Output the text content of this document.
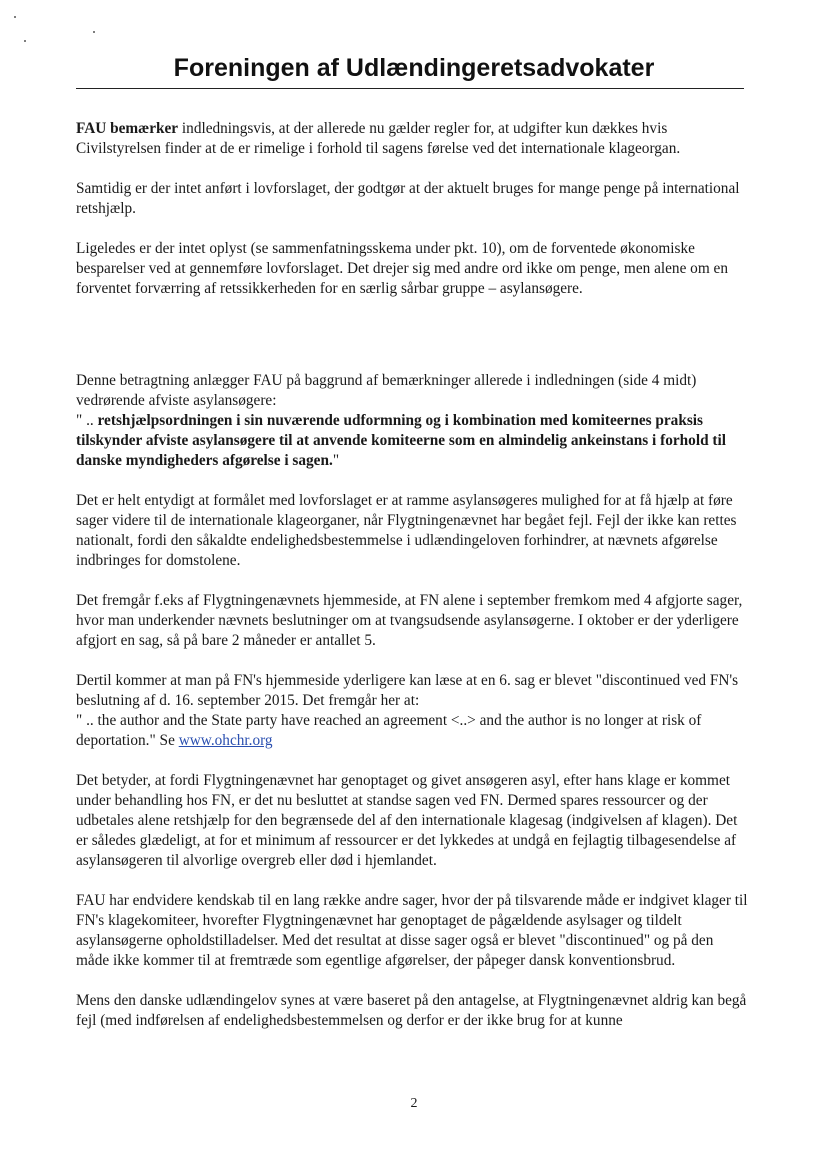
Foreningen af Udlændingeretsadvokater

FAU bemærker indledningsvis, at der allerede nu gælder regler for, at udgifter kun dækkes hvis Civilstyrelsen finder at de er rimelige i forhold til sagens førelse ved det internationale klageorgan.

Samtidig er der intet anført i lovforslaget, der godtgør at der aktuelt bruges for mange penge på international retshjælp.

Ligeledes er der intet oplyst (se sammenfatningsskema under pkt. 10), om de forventede økonomiske besparelser ved at gennemføre lovforslaget. Det drejer sig med andre ord ikke om penge, men alene om en forventet forværring af retssikkerheden for en særlig sårbar gruppe – asylansøgere.

Denne betragtning anlægger FAU på baggrund af bemærkninger allerede i indledningen (side 4 midt) vedrørende afviste asylansøgere:
" .. retshjælpsordningen i sin nuværende udformning og i kombination med komiteernes praksis tilskynder afviste asylansøgere til at anvende komiteerne som en almindelig ankeinstans i forhold til danske myndigheders afgørelse i sagen."

Det er helt entydigt at formålet med lovforslaget er at ramme asylansøgeres mulighed for at få hjælp at føre sager videre til de internationale klageorganer, når Flygtningenævnet har begået fejl. Fejl der ikke kan rettes nationalt, fordi den såkaldte endelighedsbestemmelse i udlændingeloven forhindrer, at nævnets afgørelse indbringes for domstolene.

Det fremgår f.eks af Flygtningenævnets hjemmeside, at FN alene i september fremkom med 4 afgjorte sager, hvor man underkender nævnets beslutninger om at tvangsudsende asylansøgerne. I oktober er der yderligere afgjort en sag, så på bare 2 måneder er antallet 5.

Dertil kommer at man på FN's hjemmeside yderligere kan læse at en 6. sag er blevet "discontinued ved FN's beslutning af d. 16. september 2015. Det fremgår her at:
" .. the author and the State party have reached an agreement <..> and the author is no longer at risk of deportation." Se www.ohchr.org

Det betyder, at fordi Flygtningenævnet har genoptaget og givet ansøgeren asyl, efter hans klage er kommet under behandling hos FN, er det nu besluttet at standse sagen ved FN. Dermed spares ressourcer og der udbetales alene retshjælp for den begrænsede del af den internationale klagesag (indgivelsen af klagen). Det er således glædeligt, at for et minimum af ressourcer er det lykkedes at undgå en fejlagtig tilbagesendelse af asylansøgeren til alvorlige overgreb eller død i hjemlandet.

FAU har endvidere kendskab til en lang række andre sager, hvor der på tilsvarende måde er indgivet klager til FN's klagekomiteer, hvorefter Flygtningenævnet har genoptaget de pågældende asylsager og tildelt asylansøgerne opholdstilladelser. Med det resultat at disse sager også er blevet "discontinued" og på den måde ikke kommer til at fremtræde som egentlige afgørelser, der påpeger dansk konventionsbrud.

Mens den danske udlændingelov synes at være baseret på den antagelse, at Flygtningenævnet aldrig kan begå fejl (med indførelsen af endelighedsbestemmelsen og derfor er der ikke brug for at kunne

2
